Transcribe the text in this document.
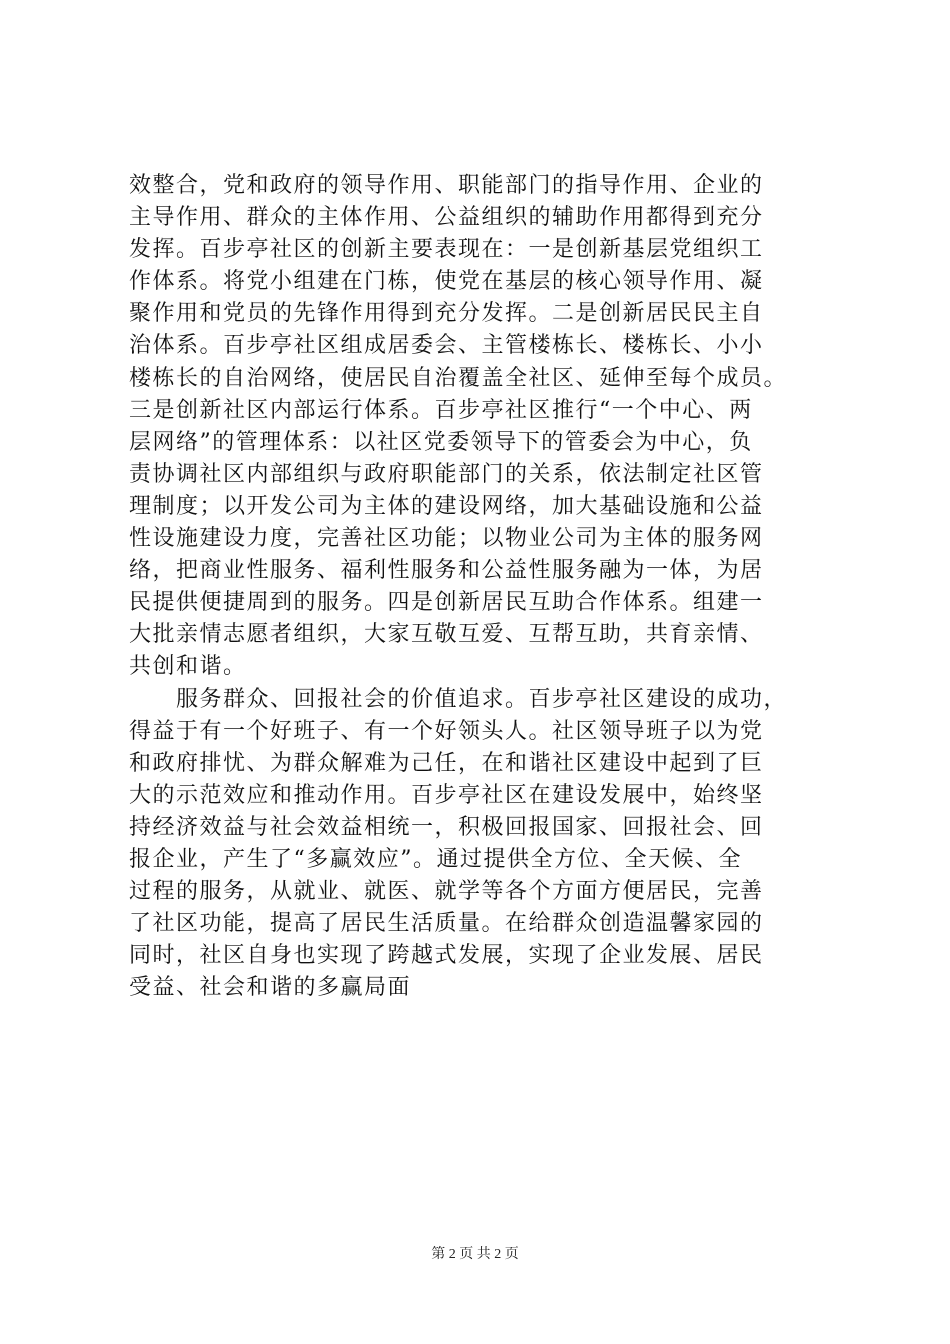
效整合，党和政府的领导作用、职能部门的指导作用、企业的
主导作用、群众的主体作用、公益组织的辅助作用都得到充分
发挥。百步亭社区的创新主要表现在：一是创新基层党组织工
作体系。将党小组建在门栋，使党在基层的核心领导作用、凝
聚作用和党员的先锋作用得到充分发挥。二是创新居民民主自
治体系。百步亭社区组成居委会、主管楼栋长、楼栋长、小小
楼栋长的自治网络，使居民自治覆盖全社区、延伸至每个成员。
三是创新社区内部运行体系。百步亭社区推行“一个中心、两
层网络”的管理体系：以社区党委领导下的管委会为中心，负
责协调社区内部组织与政府职能部门的关系，依法制定社区管
理制度；以开发公司为主体的建设网络，加大基础设施和公益
性设施建设力度，完善社区功能；以物业公司为主体的服务网
络，把商业性服务、福利性服务和公益性服务融为一体，为居
民提供便捷周到的服务。四是创新居民互助合作体系。组建一
大批亲情志愿者组织，大家互敬互爱、互帮互助，共育亲情、
共创和谐。
　　服务群众、回报社会的价值追求。百步亭社区建设的成功，
得益于有一个好班子、有一个好领头人。社区领导班子以为党
和政府排忧、为群众解难为己任，在和谐社区建设中起到了巨
大的示范效应和推动作用。百步亭社区在建设发展中，始终坚
持经济效益与社会效益相统一，积极回报国家、回报社会、回
报企业，产生了“多赢效应”。通过提供全方位、全天候、全
过程的服务，从就业、就医、就学等各个方面方便居民，完善
了社区功能，提高了居民生活质量。在给群众创造温馨家园的
同时，社区自身也实现了跨越式发展，实现了企业发展、居民
受益、社会和谐的多赢局面
第 2 页 共 2 页
